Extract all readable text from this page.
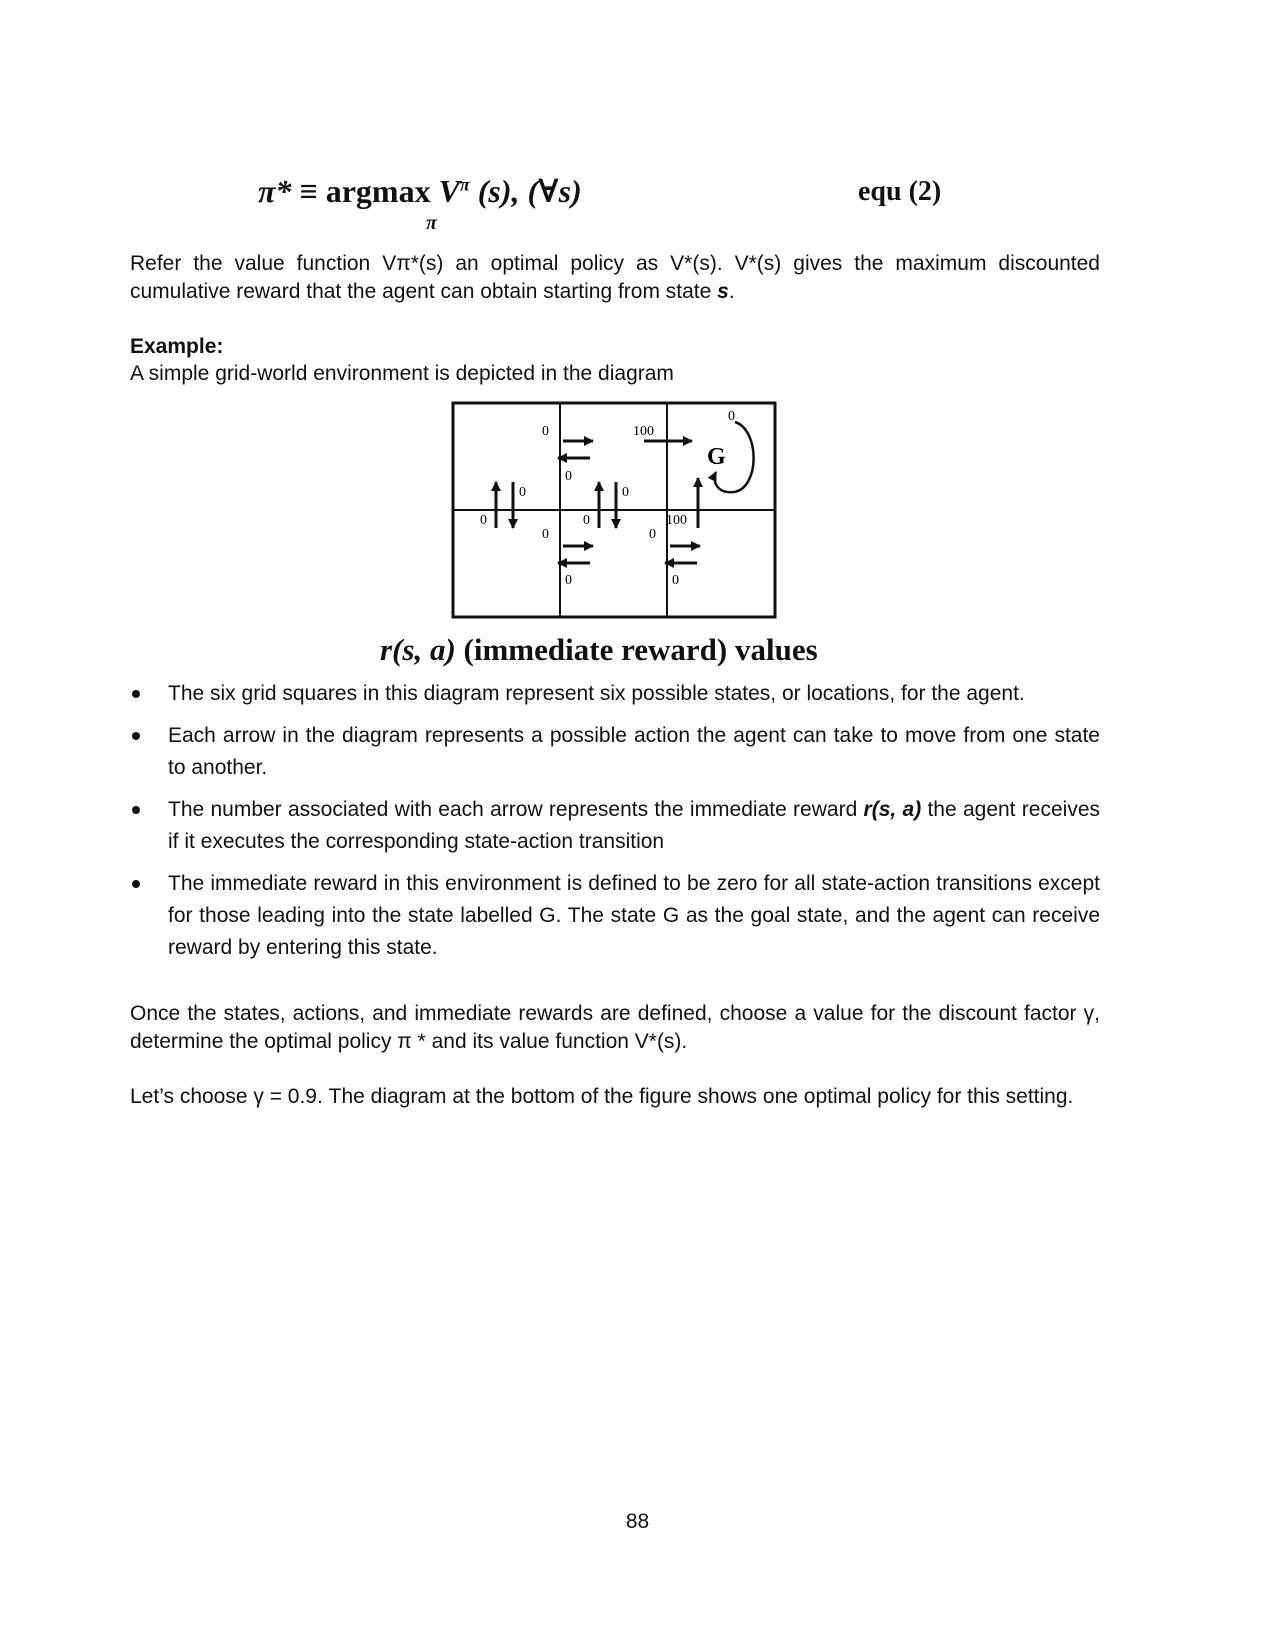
π* ≡ argmax $V^\pi$ (s), (∀s)
π
equ (2)
Refer the value function Vπ*(s) an optimal policy as V*(s). V*(s) gives the maximum discounted cumulative reward that the agent can obtain starting from state s.
Example:
A simple grid-world environment is depicted in the diagram
0
0
100
G
0
0
0
0
0
100
0
0
0
0
r(s, a) (immediate reward) values
The six grid squares in this diagram represent six possible states, or locations, for the agent.
Each arrow in the diagram represents a possible action the agent can take to move from one state to another.
The number associated with each arrow represents the immediate reward r(s, a) the agent receives if it executes the corresponding state-action transition
The immediate reward in this environment is defined to be zero for all state-action transitions except for those leading into the state labelled G. The state G as the goal state, and the agent can receive reward by entering this state.
Once the states, actions, and immediate rewards are defined, choose a value for the discount factor γ, determine the optimal policy π * and its value function V*(s).
Let’s choose γ = 0.9. The diagram at the bottom of the figure shows one optimal policy for this setting.
88
